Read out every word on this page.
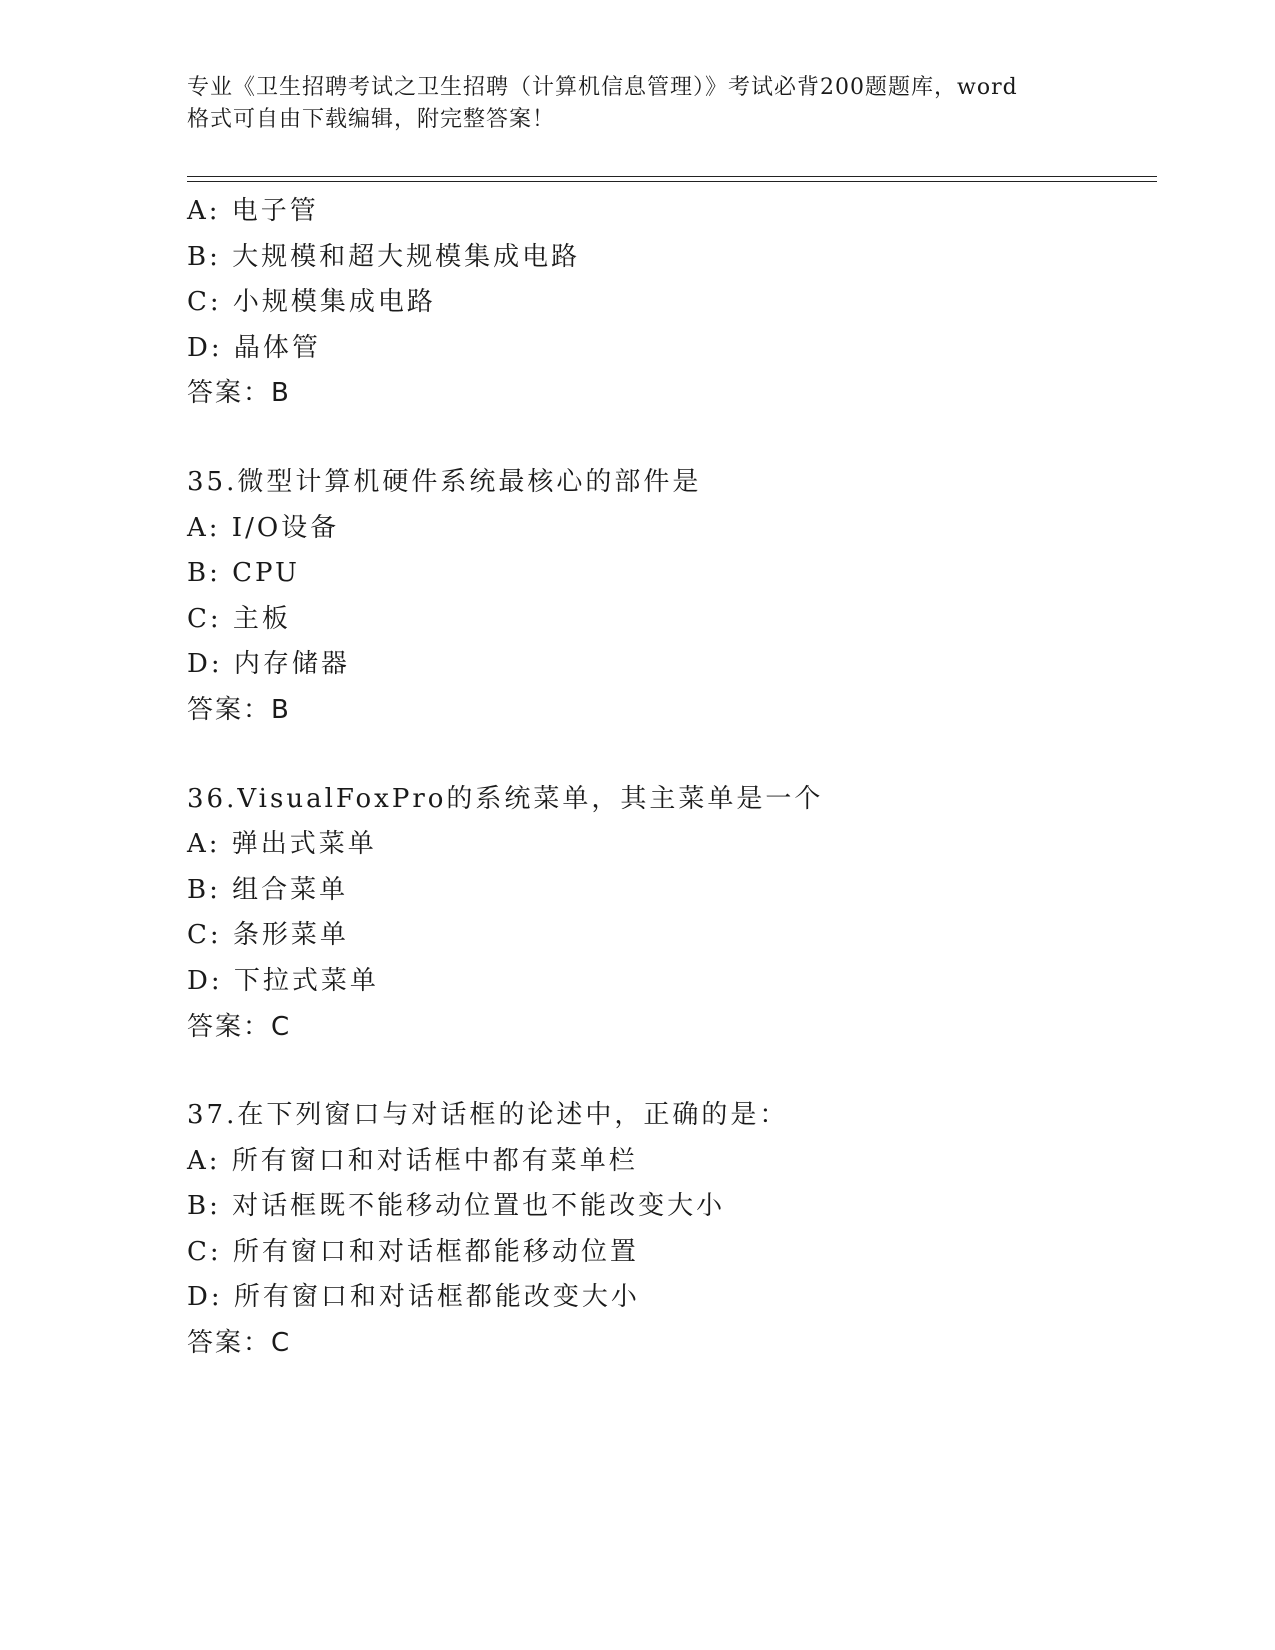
专业《卫生招聘考试之卫生招聘（计算机信息管理）》考试必背200题题库，word
格式可自由下载编辑，附完整答案！
A: 电子管
B: 大规模和超大规模集成电路
C: 小规模集成电路
D: 晶体管
答案：B
35.微型计算机硬件系统最核心的部件是
A: I/O设备
B: CPU
C: 主板
D: 内存储器
答案：B
36.VisualFoxPro的系统菜单，其主菜单是一个
A: 弹出式菜单
B: 组合菜单
C: 条形菜单
D: 下拉式菜单
答案：C
37.在下列窗口与对话框的论述中，正确的是：
A: 所有窗口和对话框中都有菜单栏
B: 对话框既不能移动位置也不能改变大小
C: 所有窗口和对话框都能移动位置
D: 所有窗口和对话框都能改变大小
答案：C
